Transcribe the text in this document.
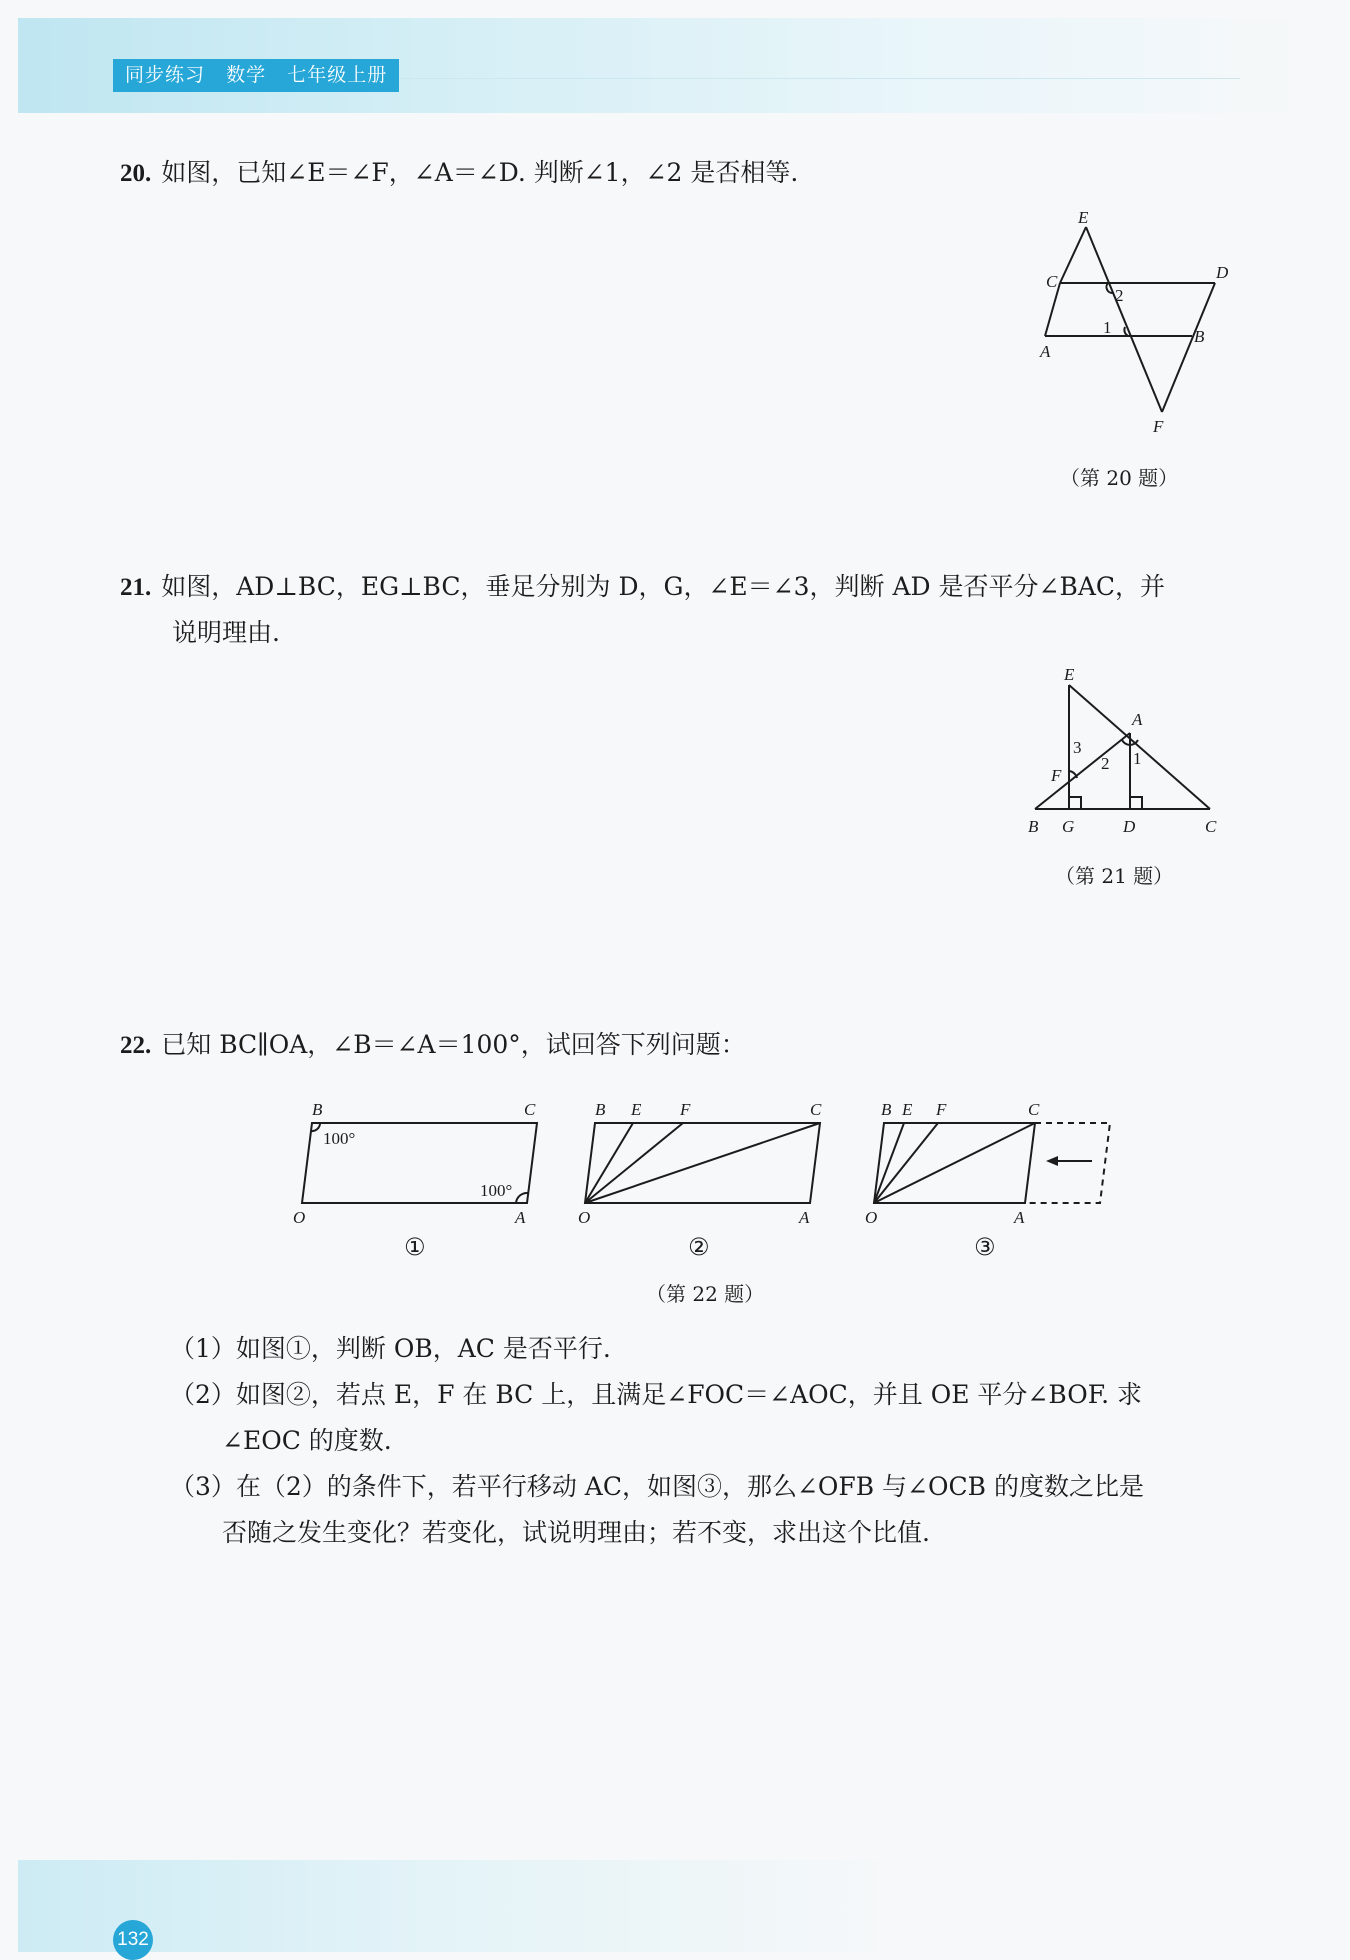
同步练习   数学   七年级上册
20. 如图，已知∠E＝∠F，∠A＝∠D. 判断∠1，∠2 是否相等.
E
C	D
A
B
F
1
2
（第 20 题）
21. 如图，AD⊥BC，EG⊥BC，垂足分别为 D，G，∠E＝∠3，判断 AD 是否平分∠BAC，并
说明理由.
E
A
F
B G	D	C
3
2 1
（第 21 题）
22. 已知 BC∥OA，∠B＝∠A＝100°，试回答下列问题：
B	C
O	A
100°
100°
①
B E F	C
O	A
②
B E F	C
O	A
③
（第 22 题）
（1）如图①，判断 OB，AC 是否平行.
（2）如图②，若点 E，F 在 BC 上，且满足∠FOC＝∠AOC，并且 OE 平分∠BOF. 求
∠EOC 的度数.
（3）在（2）的条件下，若平行移动 AC，如图③，那么∠OFB 与∠OCB 的度数之比是
否随之发生变化？若变化，试说明理由；若不变，求出这个比值.
132
